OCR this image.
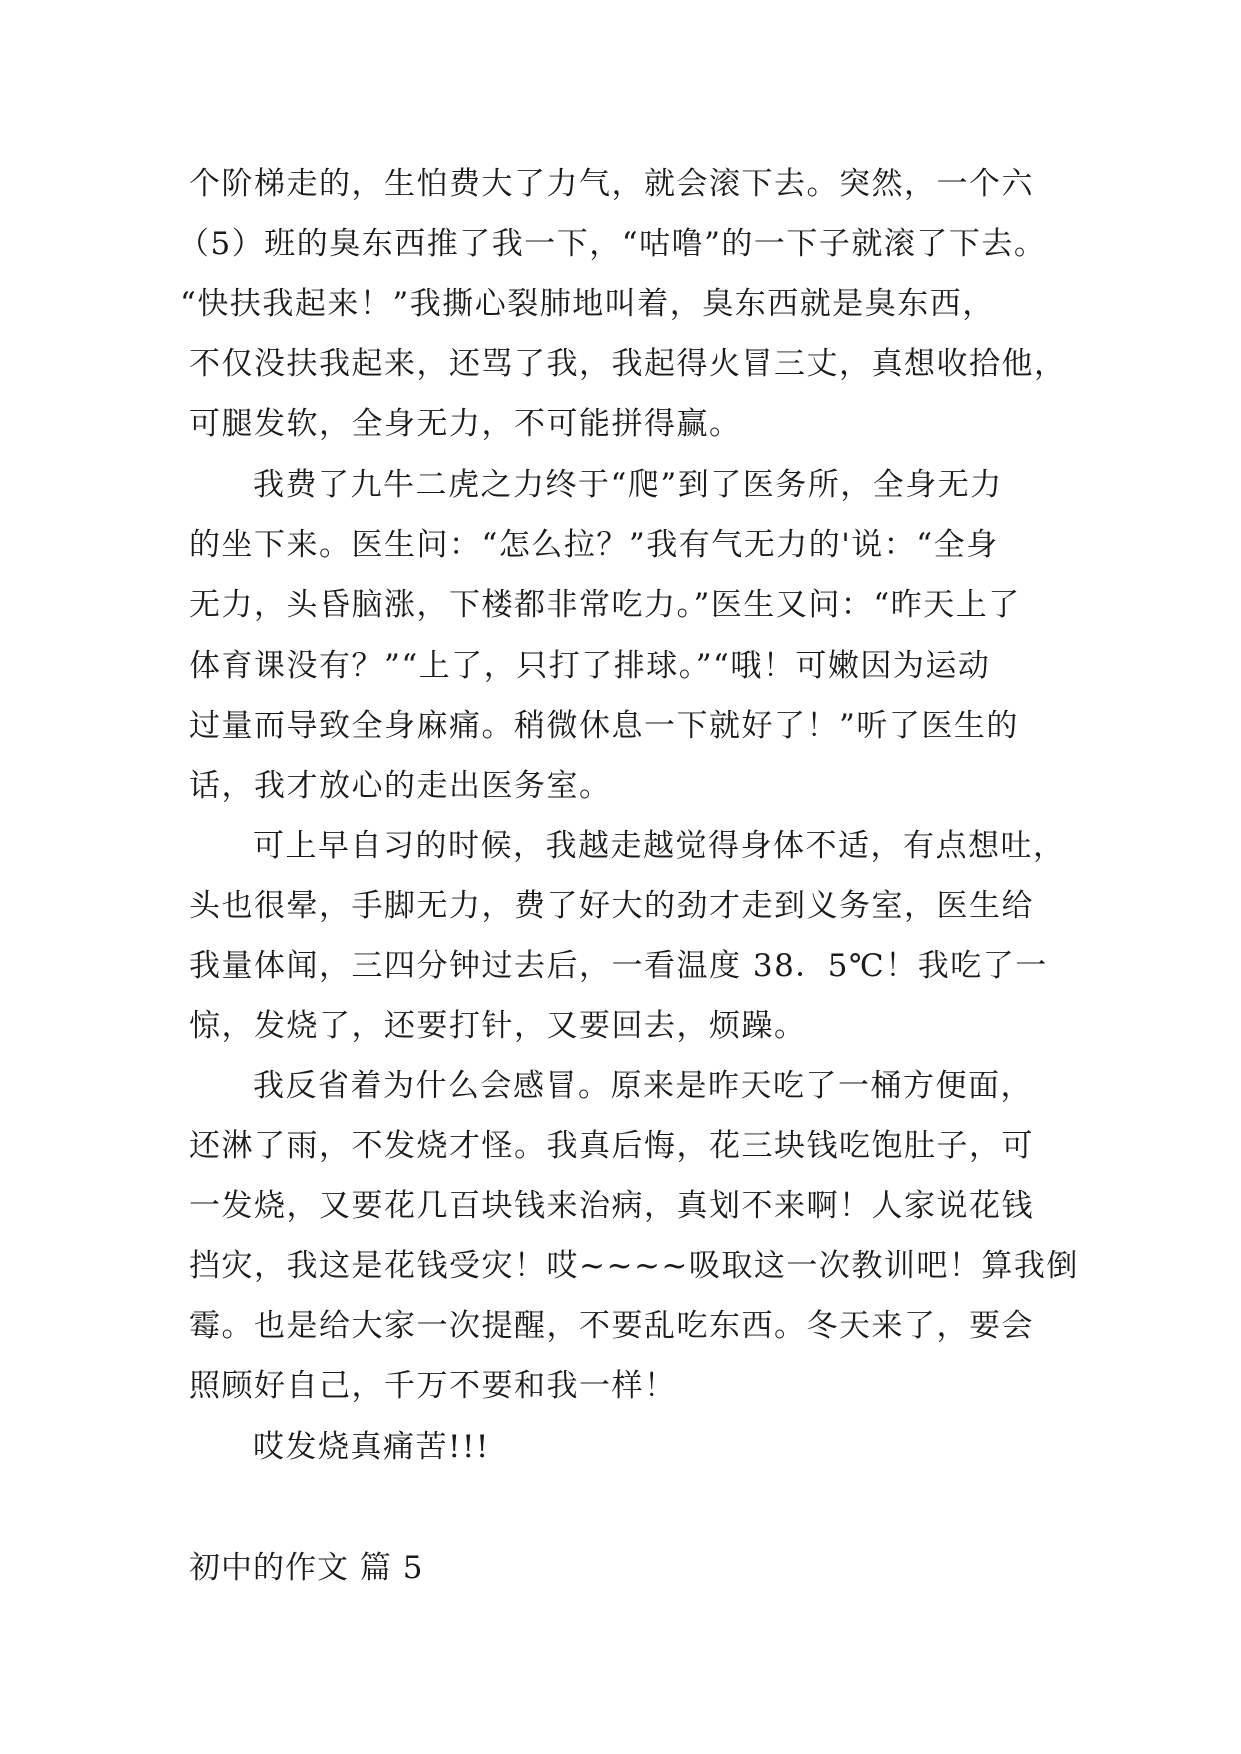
个阶梯走的，生怕费大了力气，就会滚下去。突然，一个六
（5）班的臭东西推了我一下，“咕噜”的一下子就滚了下去。
“快扶我起来！”我撕心裂肺地叫着，臭东西就是臭东西，
不仅没扶我起来，还骂了我，我起得火冒三丈，真想收拾他，
可腿发软，全身无力，不可能拼得赢。
我费了九牛二虎之力终于“爬”到了医务所，全身无力
的坐下来。医生问：“怎么拉？”我有气无力的'说：“全身
无力，头昏脑涨，下楼都非常吃力。”医生又问：“昨天上了
体育课没有？”“上了，只打了排球。”“哦！可嫩因为运动
过量而导致全身麻痛。稍微休息一下就好了！”听了医生的
话，我才放心的走出医务室。
可上早自习的时候，我越走越觉得身体不适，有点想吐，
头也很晕，手脚无力，费了好大的劲才走到义务室，医生给
我量体闻，三四分钟过去后，一看温度 38．5℃！我吃了一
惊，发烧了，还要打针，又要回去，烦躁。
我反省着为什么会感冒。原来是昨天吃了一桶方便面，
还淋了雨，不发烧才怪。我真后悔，花三块钱吃饱肚子，可
一发烧，又要花几百块钱来治病，真划不来啊！人家说花钱
挡灾，我这是花钱受灾！哎~~~~吸取这一次教训吧！算我倒
霉。也是给大家一次提醒，不要乱吃东西。冬天来了，要会
照顾好自己，千万不要和我一样！
哎发烧真痛苦!!!
初中的作文 篇 5
